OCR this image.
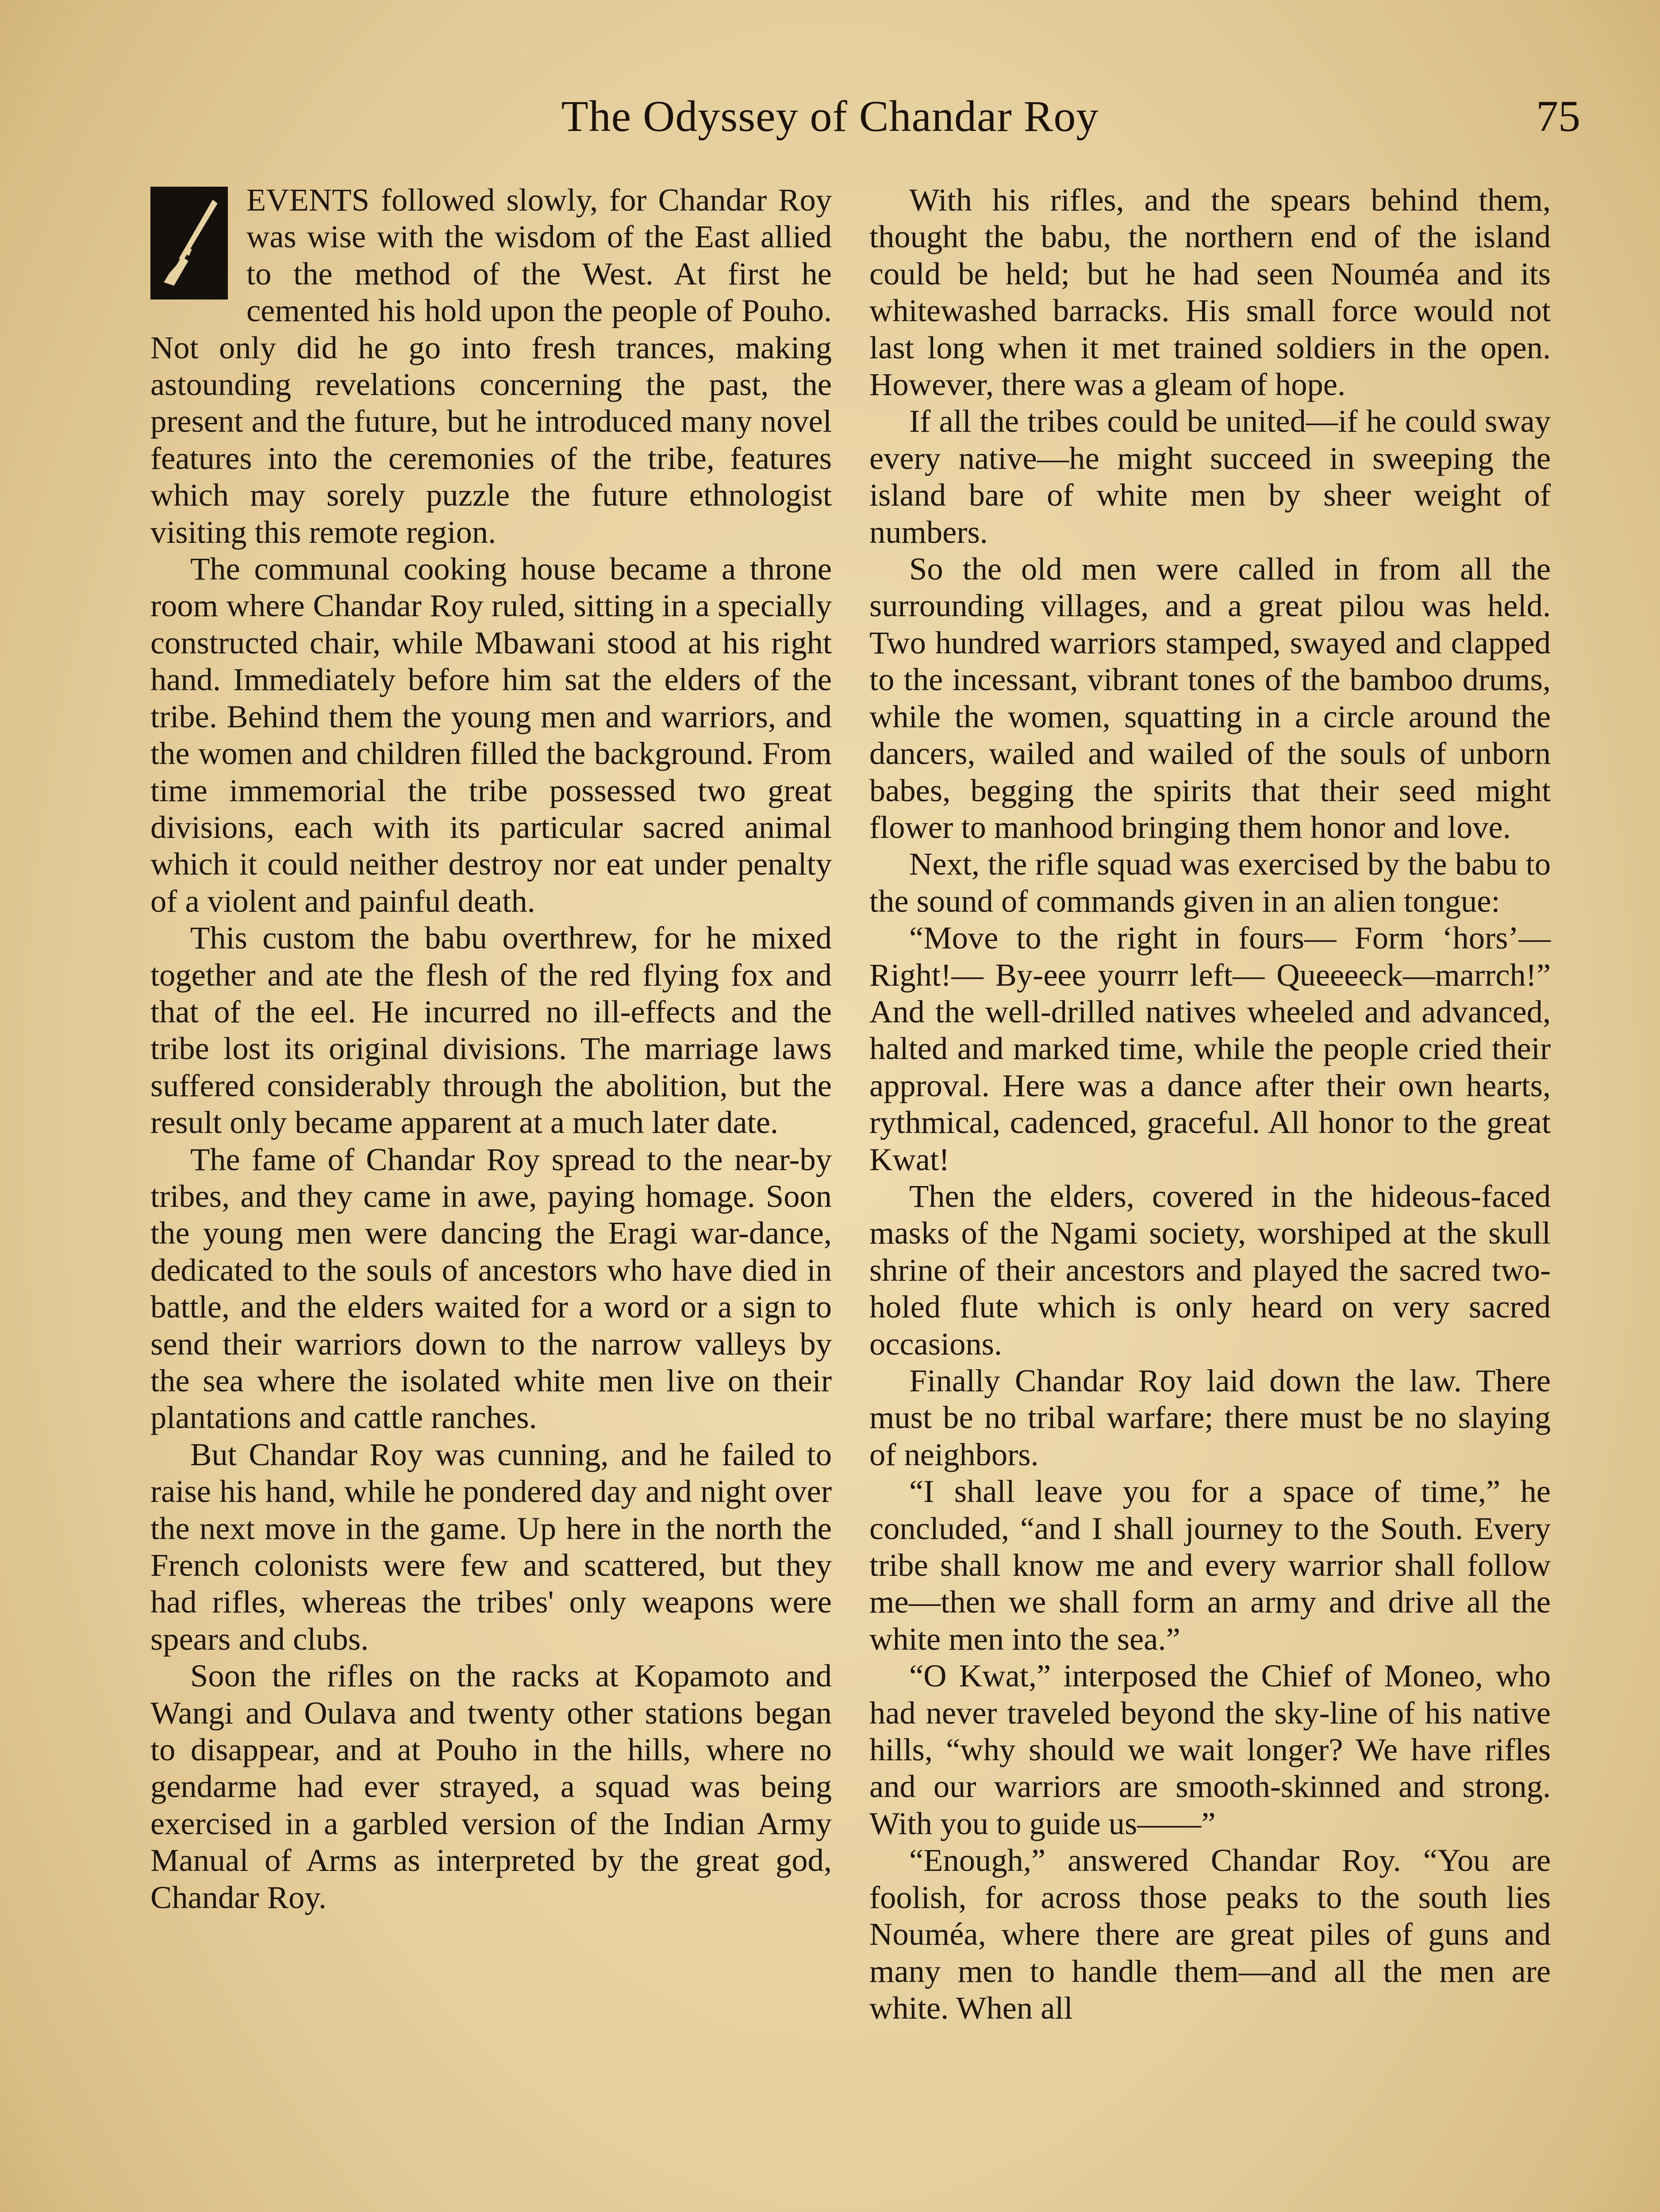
The Odyssey of Chandar Roy	75

EVENTS followed slowly, for Chandar Roy was wise with the wisdom of the East allied to the method of the West. At first he cemented his hold upon the people of Pouho. Not only did he go into fresh trances, making astounding revelations concerning the past, the present and the future, but he introduced many novel features into the ceremonies of the tribe, features which may sorely puzzle the future ethnologist visiting this remote region.

The communal cooking house became a throne room where Chandar Roy ruled, sitting in a specially constructed chair, while Mbawani stood at his right hand. Immediately before him sat the elders of the tribe. Behind them the young men and warriors, and the women and children filled the background. From time immemorial the tribe possessed two great divisions, each with its particular sacred animal which it could neither destroy nor eat under penalty of a violent and painful death.

This custom the babu overthrew, for he mixed together and ate the flesh of the red flying fox and that of the eel. He incurred no ill-effects and the tribe lost its original divisions. The marriage laws suffered considerably through the abolition, but the result only became apparent at a much later date.

The fame of Chandar Roy spread to the near-by tribes, and they came in awe, paying homage. Soon the young men were dancing the Eragi war-dance, dedicated to the souls of ancestors who have died in battle, and the elders waited for a word or a sign to send their warriors down to the narrow valleys by the sea where the isolated white men live on their plantations and cattle ranches.

But Chandar Roy was cunning, and he failed to raise his hand, while he pondered day and night over the next move in the game. Up here in the north the French colonists were few and scattered, but they had rifles, whereas the tribes' only weapons were spears and clubs.

Soon the rifles on the racks at Kopamoto and Wangi and Oulava and twenty other stations began to disappear, and at Pouho in the hills, where no gendarme had ever strayed, a squad was being exercised in a garbled version of the Indian Army Manual of Arms as interpreted by the great god, Chandar Roy.

With his rifles, and the spears behind them, thought the babu, the northern end of the island could be held; but he had seen Nouméa and its whitewashed barracks. His small force would not last long when it met trained soldiers in the open. However, there was a gleam of hope.

If all the tribes could be united—if he could sway every native—he might succeed in sweeping the island bare of white men by sheer weight of numbers.

So the old men were called in from all the surrounding villages, and a great pilou was held. Two hundred warriors stamped, swayed and clapped to the incessant, vibrant tones of the bamboo drums, while the women, squatting in a circle around the dancers, wailed and wailed of the souls of unborn babes, begging the spirits that their seed might flower to manhood bringing them honor and love.

Next, the rifle squad was exercised by the babu to the sound of commands given in an alien tongue:

“Move to the right in fours— Form ‘hors’— Right!— By-eee yourrr left— Queeeeck—marrch!” And the well-drilled natives wheeled and advanced, halted and marked time, while the people cried their approval. Here was a dance after their own hearts, rythmical, cadenced, graceful. All honor to the great Kwat!

Then the elders, covered in the hideous-faced masks of the Ngami society, worshiped at the skull shrine of their ancestors and played the sacred two-holed flute which is only heard on very sacred occasions.

Finally Chandar Roy laid down the law. There must be no tribal warfare; there must be no slaying of neighbors.

“I shall leave you for a space of time,” he concluded, “and I shall journey to the South. Every tribe shall know me and every warrior shall follow me—then we shall form an army and drive all the white men into the sea.”

“O Kwat,” interposed the Chief of Moneo, who had never traveled beyond the sky-line of his native hills, “why should we wait longer? We have rifles and our warriors are smooth-skinned and strong. With you to guide us——”

“Enough,” answered Chandar Roy. “You are foolish, for across those peaks to the south lies Nouméa, where there are great piles of guns and many men to handle them—and all the men are white. When all
